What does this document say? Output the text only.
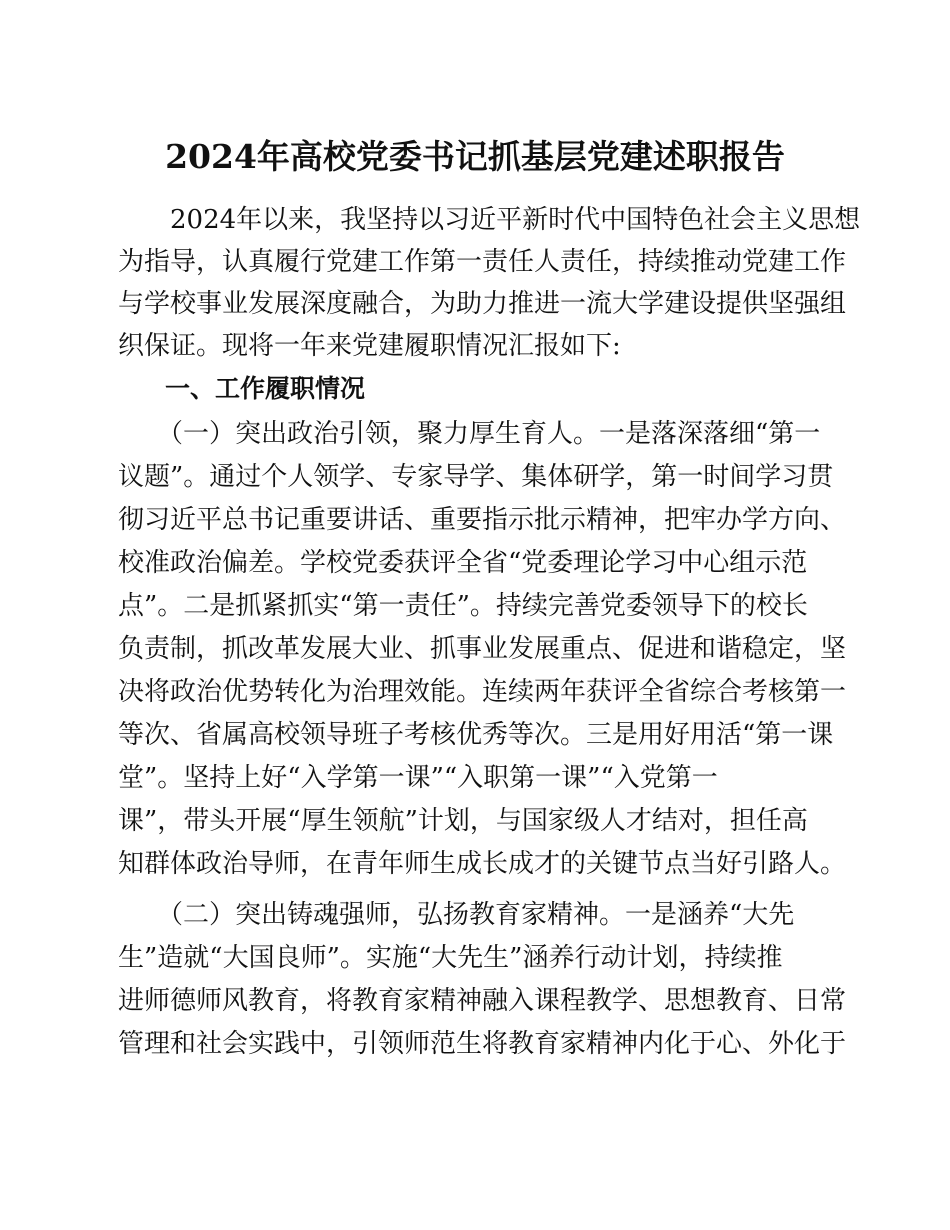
2024年高校党委书记抓基层党建述职报告
　　2024年以来，我坚持以习近平新时代中国特色社会主义思想
为指导，认真履行党建工作第一责任人责任，持续推动党建工作
与学校事业发展深度融合，为助力推进一流大学建设提供坚强组
织保证。现将一年来党建履职情况汇报如下:
一、工作履职情况
　　（一）突出政治引领，聚力厚生育人。一是落深落细“第一
议题”。通过个人领学、专家导学、集体研学，第一时间学习贯
彻习近平总书记重要讲话、重要指示批示精神，把牢办学方向、
校准政治偏差。学校党委获评全省“党委理论学习中心组示范
点”。二是抓紧抓实“第一责任”。持续完善党委领导下的校长
负责制，抓改革发展大业、抓事业发展重点、促进和谐稳定，坚
决将政治优势转化为治理效能。连续两年获评全省综合考核第一
等次、省属高校领导班子考核优秀等次。三是用好用活“第一课
堂”。坚持上好“入学第一课”“入职第一课”“入党第一
课”，带头开展“厚生领航”计划，与国家级人才结对，担任高
知群体政治导师，在青年师生成长成才的关键节点当好引路人。
　　（二）突出铸魂强师，弘扬教育家精神。一是涵养“大先
生”造就“大国良师”。实施“大先生”涵养行动计划，持续推
进师德师风教育，将教育家精神融入课程教学、思想教育、日常
管理和社会实践中，引领师范生将教育家精神内化于心、外化于
